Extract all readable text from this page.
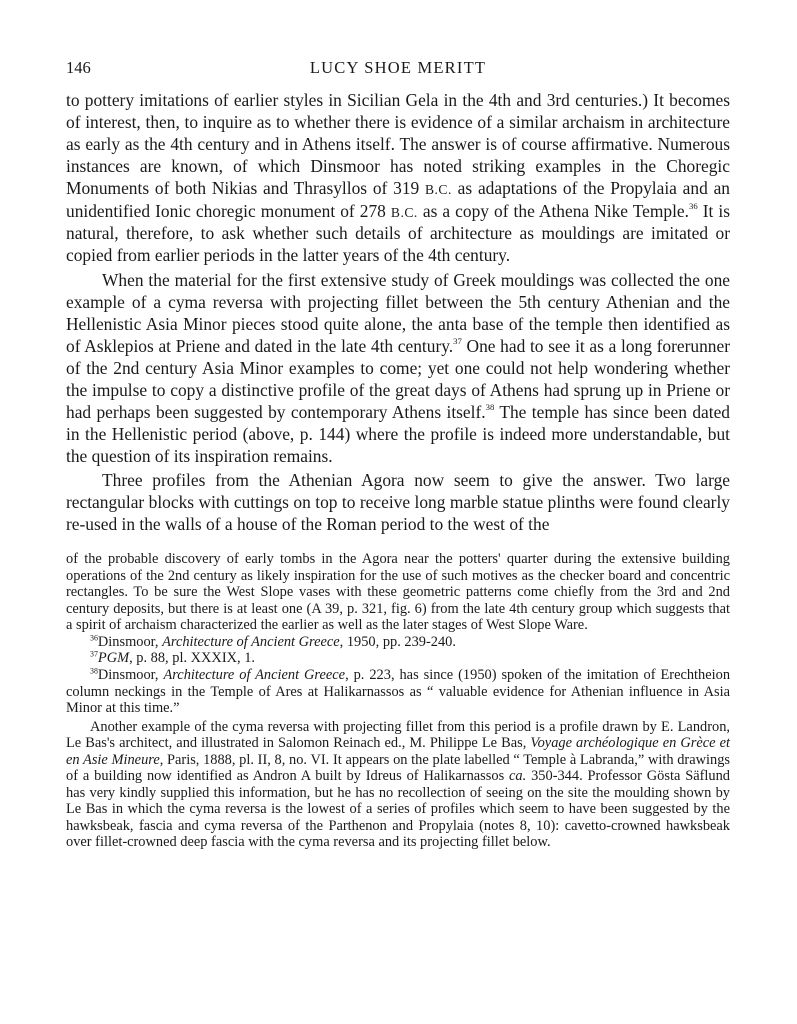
146	LUCY SHOE MERITT

to pottery imitations of earlier styles in Sicilian Gela in the 4th and 3rd centuries.) It becomes of interest, then, to inquire as to whether there is evidence of a similar archaism in architecture as early as the 4th century and in Athens itself. The answer is of course affirmative. Numerous instances are known, of which Dinsmoor has noted striking examples in the Choregic Monuments of both Nikias and Thrasyllos of 319 B.C. as adaptations of the Propylaia and an unidentified Ionic choregic monument of 278 B.C. as a copy of the Athena Nike Temple.$^{36}$ It is natural, therefore, to ask whether such details of architecture as mouldings are imitated or copied from earlier periods in the latter years of the 4th century.

When the material for the first extensive study of Greek mouldings was collected the one example of a cyma reversa with projecting fillet between the 5th century Athenian and the Hellenistic Asia Minor pieces stood quite alone, the anta base of the temple then identified as of Asklepios at Priene and dated in the late 4th century.$^{37}$ One had to see it as a long forerunner of the 2nd century Asia Minor examples to come; yet one could not help wondering whether the impulse to copy a distinctive profile of the great days of Athens had sprung up in Priene or had perhaps been suggested by contemporary Athens itself.$^{38}$ The temple has since been dated in the Hellenistic period (above, p. 144) where the profile is indeed more understandable, but the question of its inspiration remains.

Three profiles from the Athenian Agora now seem to give the answer. Two large rectangular blocks with cuttings on top to receive long marble statue plinths were found clearly re-used in the walls of a house of the Roman period to the west of the

of the probable discovery of early tombs in the Agora near the potters' quarter during the extensive building operations of the 2nd century as likely inspiration for the use of such motives as the checker board and concentric rectangles. To be sure the West Slope vases with these geometric patterns come chiefly from the 3rd and 2nd century deposits, but there is at least one (A 39, p. 321, fig. 6) from the late 4th century group which suggests that a spirit of archaism characterized the earlier as well as the later stages of West Slope Ware.

$^{36}$Dinsmoor, Architecture of Ancient Greece, 1950, pp. 239-240.

$^{37}$PGM, p. 88, pl. XXXIX, 1.

$^{38}$Dinsmoor, Architecture of Ancient Greece, p. 223, has since (1950) spoken of the imitation of Erechtheion column neckings in the Temple of Ares at Halikarnassos as “ valuable evidence for Athenian influence in Asia Minor at this time.”

Another example of the cyma reversa with projecting fillet from this period is a profile drawn by E. Landron, Le Bas's architect, and illustrated in Salomon Reinach ed., M. Philippe Le Bas, Voyage archéologique en Grèce et en Asie Mineure, Paris, 1888, pl. II, 8, no. VI. It appears on the plate labelled “ Temple à Labranda,” with drawings of a building now identified as Andron A built by Idreus of Halikarnassos ca. 350-344. Professor Gösta Säflund has very kindly supplied this information, but he has no recollection of seeing on the site the moulding shown by Le Bas in which the cyma reversa is the lowest of a series of profiles which seem to have been suggested by the hawksbeak, fascia and cyma reversa of the Parthenon and Propylaia (notes 8, 10): cavetto-crowned hawksbeak over fillet-crowned deep fascia with the cyma reversa and its projecting fillet below.
